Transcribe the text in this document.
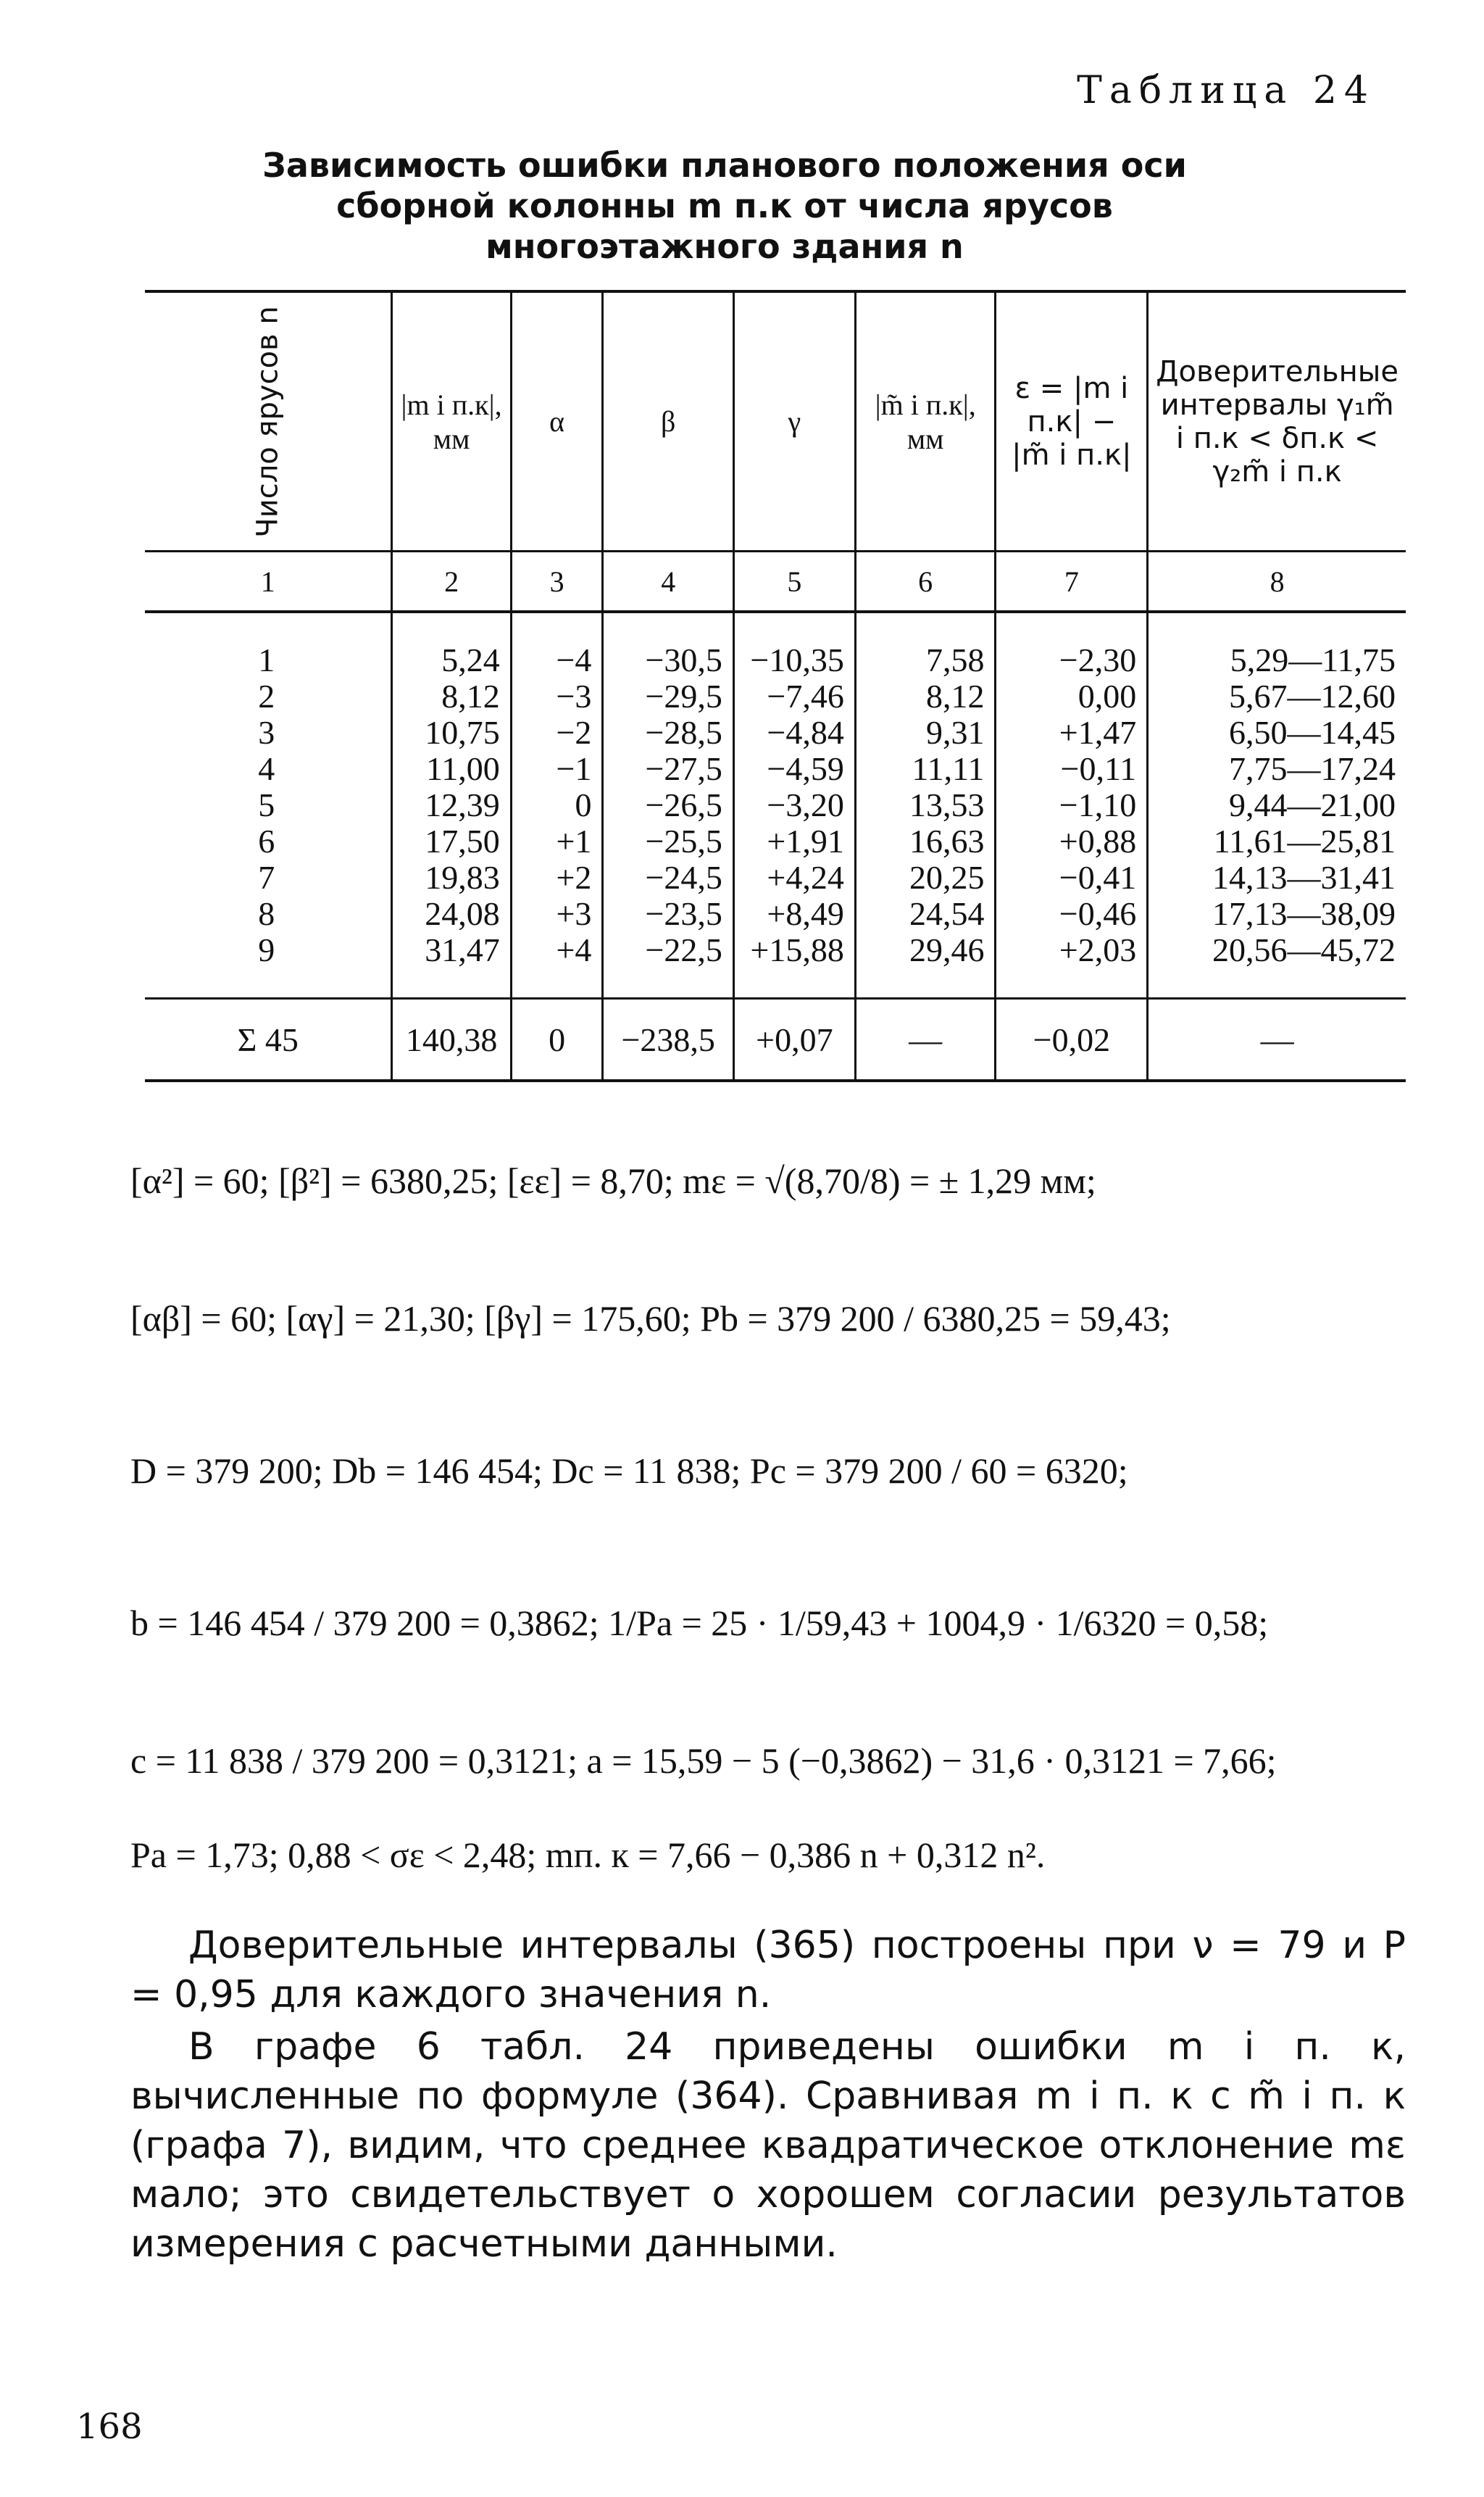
Таблица 24
Зависимость ошибки планового положения оси
сборной колонны m п.к от числа ярусов
многоэтажного здания n
Число ярусов n	|m i п.к|, мм	α	β	γ	|m̃ i п.к|, мм	ε = |m i п.к| − |m̃ i п.к|	Доверительные интервалы γ₁m̃ i п.к < δп.к < γ₂m̃ i п.к
1	2	3	4	5	6	7	8
1	5,24	−4	−30,5	−10,35	7,58	−2,30	5,29—11,75
2	8,12	−3	−29,5	−7,46	8,12	0,00	5,67—12,60
3	10,75	−2	−28,5	−4,84	9,31	+1,47	6,50—14,45
4	11,00	−1	−27,5	−4,59	11,11	−0,11	7,75—17,24
5	12,39	0	−26,5	−3,20	13,53	−1,10	9,44—21,00
6	17,50	+1	−25,5	+1,91	16,63	+0,88	11,61—25,81
7	19,83	+2	−24,5	+4,24	20,25	−0,41	14,13—31,41
8	24,08	+3	−23,5	+8,49	24,54	−0,46	17,13—38,09
9	31,47	+4	−22,5	+15,88	29,46	+2,03	20,56—45,72
Σ 45	140,38	0	−238,5	+0,07	—	−0,02	—
[α²] = 60; [β²] = 6380,25; [εε] = 8,70; mε = √(8,70/8) = ± 1,29 мм;
[αβ] = 60; [αγ] = 21,30; [βγ] = 175,60; Pb = 379 200 / 6380,25 = 59,43;
D = 379 200; Db = 146 454; Dc = 11 838; Pc = 379 200 / 60 = 6320;
b = 146 454 / 379 200 = 0,3862; 1/Pa = 25 · 1/59,43 + 1004,9 · 1/6320 = 0,58;
c = 11 838 / 379 200 = 0,3121; a = 15,59 − 5 (−0,3862) − 31,6 · 0,3121 = 7,66;
Pa = 1,73; 0,88 < σε < 2,48; mп. к = 7,66 − 0,386 n + 0,312 n².
Доверительные интервалы (365) построены при ν = 79 и P = 0,95 для каждого значения n.
В графе 6 табл. 24 приведены ошибки m i п. к, вычисленные по формуле (364). Сравнивая m i п. к с m̃ i п. к (графа 7), видим, что среднее квадратическое отклонение mε мало; это свидетельствует о хорошем согласии результатов измерения с расчетными данными.
168
